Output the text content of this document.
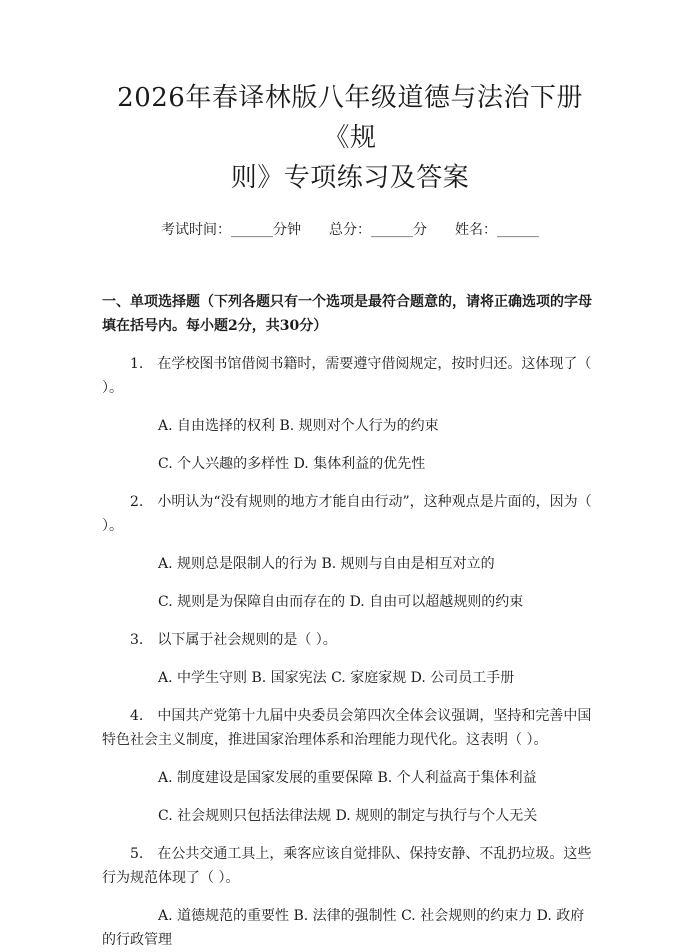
2026年春译林版八年级道德与法治下册《规
则》专项练习及答案
考试时间：______分钟 总分：______分 姓名：______
一、单项选择题（下列各题只有一个选项是最符合题意的，请将正确选项的字母填在括号内。每小题2分，共30分）
1. 在学校图书馆借阅书籍时，需要遵守借阅规定，按时归还。这体现了（ ）。
A. 自由选择的权利 B. 规则对个人行为的约束
C. 个人兴趣的多样性 D. 集体利益的优先性
2. 小明认为“没有规则的地方才能自由行动”，这种观点是片面的，因为（ ）。
A. 规则总是限制人的行为 B. 规则与自由是相互对立的
C. 规则是为保障自由而存在的 D. 自由可以超越规则的约束
3. 以下属于社会规则的是（ ）。
A. 中学生守则 B. 国家宪法 C. 家庭家规 D. 公司员工手册
4. 中国共产党第十九届中央委员会第四次全体会议强调，坚持和完善中国特色社会主义制度，推进国家治理体系和治理能力现代化。这表明（ ）。
A. 制度建设是国家发展的重要保障 B. 个人利益高于集体利益
C. 社会规则只包括法律法规 D. 规则的制定与执行与个人无关
5. 在公共交通工具上，乘客应该自觉排队、保持安静、不乱扔垃圾。这些行为规范体现了（ ）。
A. 道德规范的重要性 B. 法律的强制性 C. 社会规则的约束力 D. 政府的行政管理
